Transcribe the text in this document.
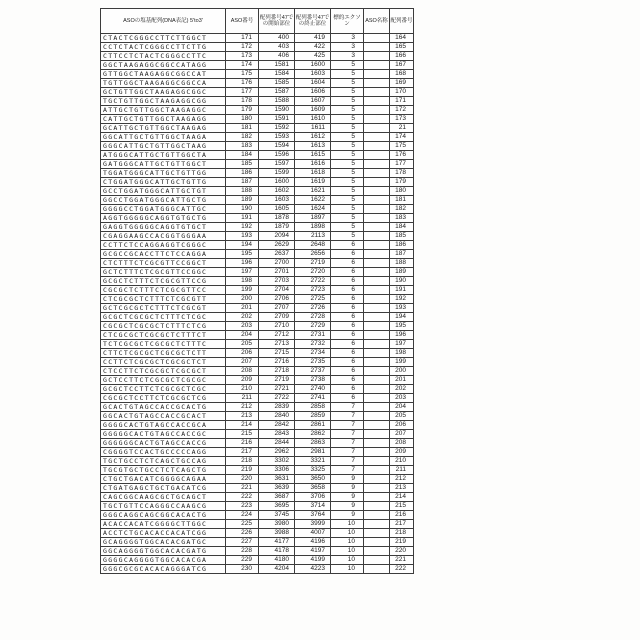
ASOの塩基配列(DNA表記) 5'to3'	ASO番号	配列番号47で
の開始部位	配列番号47で
の終止部位	標的エクソン	ASO名称	配列番号
CTACTCGGGCCTTCTTGGCT	171	400	419	3		164
CCTCTACTCGGGCCTTCTTG	172	403	422	3		165
CTTCCTCTACTCGGGCCTTC	173	406	425	3		166
GGCTAAGAGGCGGCCATAGG	174	1581	1600	5		167
GTTGGCTAAGAGGCGGCCAT	175	1584	1603	5		168
TGTTGGCTAAGAGGCGGCCA	176	1585	1604	5		169
GCTGTTGGCTAAGAGGCGGC	177	1587	1606	5		170
TGCTGTTGGCTAAGAGGCGG	178	1588	1607	5		171
ATTGCTGTTGGCTAAGAGGC	179	1590	1609	5		172
CATTGCTGTTGGCTAAGAGG	180	1591	1610	5		173
GCATTGCTGTTGGCTAAGAG	181	1592	1611	5		21
GGCATTGCTGTTGGCTAAGA	182	1593	1612	5		174
GGGCATTGCTGTTGGCTAAG	183	1594	1613	5		175
ATGGGCATTGCTGTTGGCTA	184	1596	1615	5		176
GATGGGCATTGCTGTTGGCT	185	1597	1616	5		177
TGGATGGGCATTGCTGTTGG	186	1599	1618	5		178
CTGGATGGGCATTGCTGTTG	187	1600	1619	5		179
GCCTGGATGGGCATTGCTGT	188	1602	1621	5		180
GGCCTGGATGGGCATTGCTG	189	1603	1622	5		181
GGGGCCTGGATGGGCATTGC	190	1605	1624	5		182
AGGTGGGGGCAGGTGTGCTG	191	1878	1897	5		183
GAGGTGGGGGCAGGTGTGCT	192	1879	1898	5		184
CGAGGAAGCCACGGTGGGAA	193	2094	2113	5		185
CCTTCTCCAGGAGGTCGGGC	194	2629	2648	6		186
GCGCCGCACCTTCTCCAGGA	195	2637	2656	6		187
CTCTTTCTCGCGTTCCGGCT	196	2700	2719	6		188
GCTCTTTCTCGCGTTCCGGC	197	2701	2720	6		189
GCGCTCTTTCTCGCGTTCCG	198	2703	2722	6		190
CGCGCTCTTTCTCGCGTTCC	199	2704	2723	6		191
CTCGCGCTCTTTCTCGCGTT	200	2706	2725	6		192
GCTCGCGCTCTTTCTCGCGT	201	2707	2726	6		193
GCGCTCGCGCTCTTTCTCGC	202	2709	2728	6		194
CGCGCTCGCGCTCTTTCTCG	203	2710	2729	6		195
CTCGCGCTCGCGCTCTTTCT	204	2712	2731	6		196
TCTCGCGCTCGCGCTCTTTC	205	2713	2732	6		197
CTTCTCGCGCTCGCGCTCTT	206	2715	2734	6		198
CCTTCTCGCGCTCGCGCTCT	207	2716	2735	6		199
CTCCTTCTCGCGCTCGCGCT	208	2718	2737	6		200
GCTCCTTCTCGCGCTCGCGC	209	2719	2738	6		201
GCGCTCCTTCTCGCGCTCGC	210	2721	2740	6		202
CGCGCTCCTTCTCGCGCTCG	211	2722	2741	6		203
GCACTGTAGCCACCGCACTG	212	2839	2858	7		204
GGCACTGTAGCCACCGCACT	213	2840	2859	7		205
GGGGCACTGTAGCCACCGCA	214	2842	2861	7		206
GGGGGCACTGTAGCCACCGC	215	2843	2862	7		207
GGGGGGCACTGTAGCCACCG	216	2844	2863	7		208
CGGGGTCCACTGCCCCCAGG	217	2962	2981	7		209
TGCTGCCTCTCAGCTGCCAG	218	3302	3321	7		210
TGCGTGCTGCCTCTCAGCTG	219	3306	3325	7		211
CTGCTGACATCGGGGCAGAA	220	3631	3650	9		212
CTGATGAGCTGCTGACATCG	221	3639	3658	9		213
CAGCGGCAAGCGCTGCAGCT	222	3687	3706	9		214
TGCTGTTCCAGGGCCAAGCG	223	3695	3714	9		215
GGGCAGGCAGCGGCACACTG	224	3745	3764	9		216
ACACCACATCGGGGCTTGGC	225	3980	3999	10		217
ACCTCTGCACACCACATCGG	226	3988	4007	10		218
GCAGGGGTGGCACACGATGC	227	4177	4196	10		219
GGCAGGGGTGGCACACGATG	228	4178	4197	10		220
GGGGCAGGGGTGGCACACGA	229	4180	4199	10		221
GGGCGCGCACACAGGGATCG	230	4204	4223	10		222
